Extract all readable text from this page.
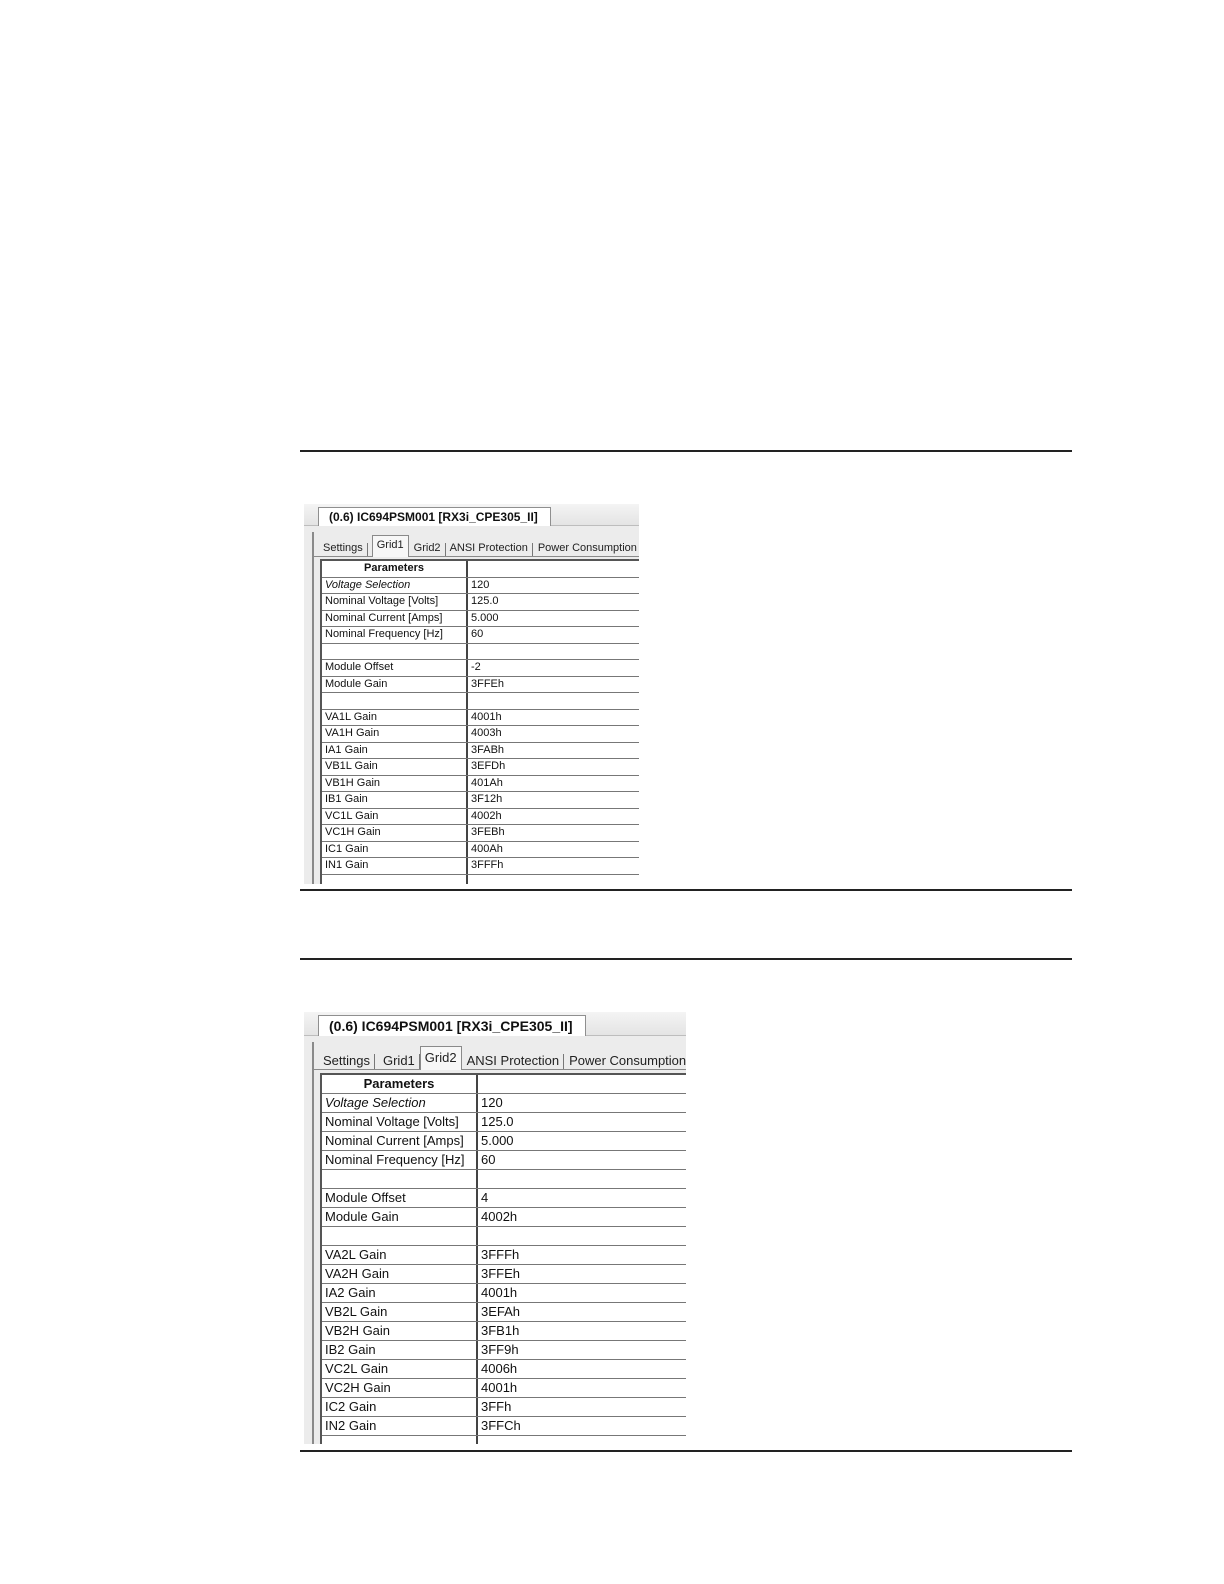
(0.6) IC694PSM001 [RX3i_CPE305_II]
Settings	Grid1 Grid2 ANSI Protection Power Consumption
Parameters
Voltage Selection	120
Nominal Voltage [Volts]	125.0
Nominal Current [Amps]	5.000
Nominal Frequency [Hz]	60
Module Offset	-2
Module Gain	3FFEh
VA1L Gain	4001h
VA1H Gain	4003h
IA1 Gain	3FABh
VB1L Gain	3EFDh
VB1H Gain	401Ah
IB1 Gain	3F12h
VC1L Gain	4002h
VC1H Gain	3FEBh
IC1 Gain	400Ah
IN1 Gain	3FFFh
(0.6) IC694PSM001 [RX3i_CPE305_II]
Settings	Grid1 Grid2 ANSI Protection Power Consumption
Parameters
Voltage Selection	120
Nominal Voltage [Volts]	125.0
Nominal Current [Amps]	5.000
Nominal Frequency [Hz]	60
Module Offset	4
Module Gain	4002h
VA2L Gain	3FFFh
VA2H Gain	3FFEh
IA2 Gain	4001h
VB2L Gain	3EFAh
VB2H Gain	3FB1h
IB2 Gain	3FF9h
VC2L Gain	4006h
VC2H Gain	4001h
IC2 Gain	3FFh
IN2 Gain	3FFCh
